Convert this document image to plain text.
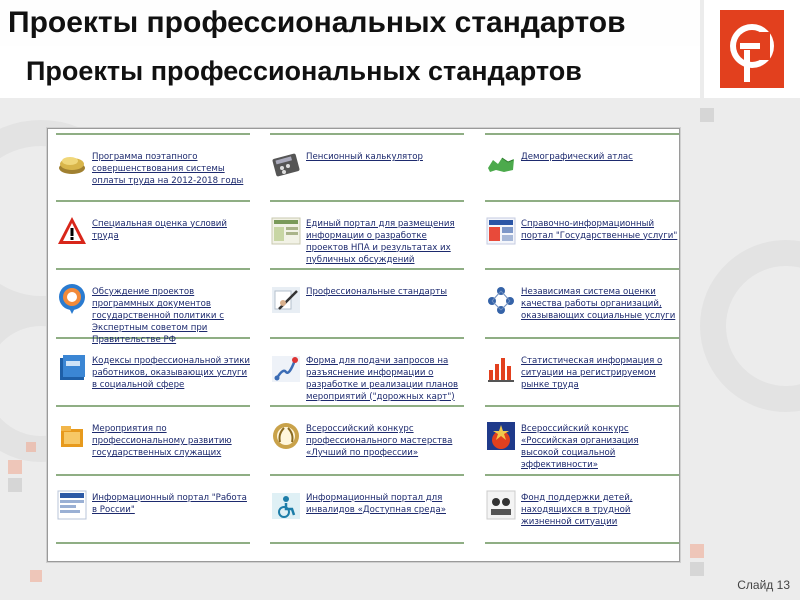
Проекты профессиональных стандартов
Проекты профессиональных стандартов
Программа поэтапного совершенствования системы оплаты труда на 2012-2018 годы
Специальная оценка условий труда
Обсуждение проектов программных документов государственной политики с Экспертным советом при Правительстве РФ
Кодексы профессиональной этики работников, оказывающих услуги в социальной сфере
Мероприятия по профессиональному развитию государственных служащих
Информационный портал "Работа в России"
Пенсионный калькулятор
Единый портал для размещения информации о разработке проектов НПА и результатах их публичных обсуждений
Профессиональные стандарты
Форма для подачи запросов на разъяснение информации о разработке и реализации планов мероприятий ("дорожных карт")
Всероссийский конкурс профессионального мастерства «Лучший по профессии»
Информационный портал для инвалидов «Доступная среда»
Демографический атлас
Справочно-информационный портал "Государственные услуги"
Независимая система оценки качества работы организаций, оказывающих социальные услуги
Статистическая информация о ситуации на регистрируемом рынке труда
Всероссийский конкурс «Российская организация высокой социальной эффективности»
Фонд поддержки детей, находящихся в трудной жизненной ситуации
Слайд 13
